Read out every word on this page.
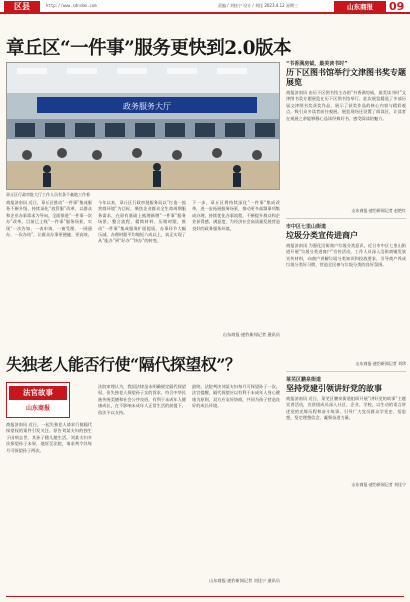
区县	http://www.sdnsbm.com	责编 / 刘桂宁 设计 / 刘佳 2023.4.12 星期三	山东商报	09
章丘区“一件事”服务更快到2.0版本
政务服务大厅
章丘区行政审批大厅工作人员有条不紊地工作着
商报济南讯 近日，章丘区推动“一件事”集成服务不断升级，持续深化“放管服”改革，以群众和企业办事需求为导向，全面推进“一件事一次办”改革，目前已上线“一件事”服务场景，实现“一次告知、一表申请、一窗受理、一网通办、一次办结”，让群众办事更便捷、更高效。
今年以来，章丘区行政审批服务局以“打造一流营商环境”为目标，聚焦企业群众全生命周期服务需求，在原有基础上梳理新增“一件事”服务场景，整合流程、精简材料、压缩时限，推动“一件事”集成服务扩面提质，办事环节大幅压减，办理时限平均缩短六成以上，真正实现了从“能办”到“好办”“快办”的转变。
下一步，章丘区将持续深化“一件事”集成改革，进一步拓展服务场景，推动更多高频事项集成办理，持续优化办事流程，不断提升群众和企业获得感、满意度，为经济社会高质量发展营造良好的政务服务环境。
山东商报·速豹新闻记者 通讯员
“书香满房钺，最美读书时”
历下区图书馆举行文津图书奖专题展览
商报济南讯 由历下区图书馆主办的“书香满房钺，最美读书时”文津图书奖专题展览在历下区图书馆举行。此次展览精选了多部历届文津图书奖获奖作品，展示了获奖作品的核心内容与精彩观点，吸引众多读者前往观展。展览现场还设置了阅读区，让读者在观展之余能够静心品读经典好书，感受阅读的魅力。
山东商报·速豹新闻记者 赵艳红
市中区七里山街道
垃圾分类宣传进商户
商报济南讯 为强化沿街商户垃圾分类意识，近日市中区七里山街道开展“垃圾分类进商户”宣传活动，工作人员深入沿街商铺发放宣传材料，向商户讲解垃圾分类知识和投放要求，引导商户养成垃圾分类好习惯，营造全民参与垃圾分类的良好氛围。
山东商报·速豹新闻记者 刘珍
莱芜区鹏泉街道
坚持党建引领讲好党的故事
商报济南讯 近日，莱芜区鹏泉街道组织开展“讲好党的故事”主题宣讲活动，宣讲团成员深入社区、企业、学校，以生动的语言讲述党的光辉历程和奋斗故事，引导广大党员群众学党史、悟思想，坚定理想信念，凝聚奋进力量。
山东商报·速豹新闻记者 刘佳宁
失独老人能否行使“隔代探望权”？
法官故事
山东商报
商报济南讯 近日，一起失独老人请求行使隔代探望权的案件引发关注。原告刘某夫妇的独生子因病去世，其孙子随儿媳生活。刘某夫妇多次探望孙子未果，遂诉至法院，请求判令其每月可探望孙子两次。
法院审理认为，我国法律虽未明确规定隔代探望权，但失独老人探望孙子女的诉求，符合中华民族传统美德和社会公序良俗，有利于未成年人健康成长，在不影响未成年人正常生活的前提下，依法予以支持。
最终，法院判决刘某夫妇每月可探望孙子一次。法官提醒，隔代探望应以有利于未成年人身心健康为原则，双方应友好协商，共同为孩子营造良好的成长环境。
山东商报·速豹新闻记者 刘佳宁 通讯员
